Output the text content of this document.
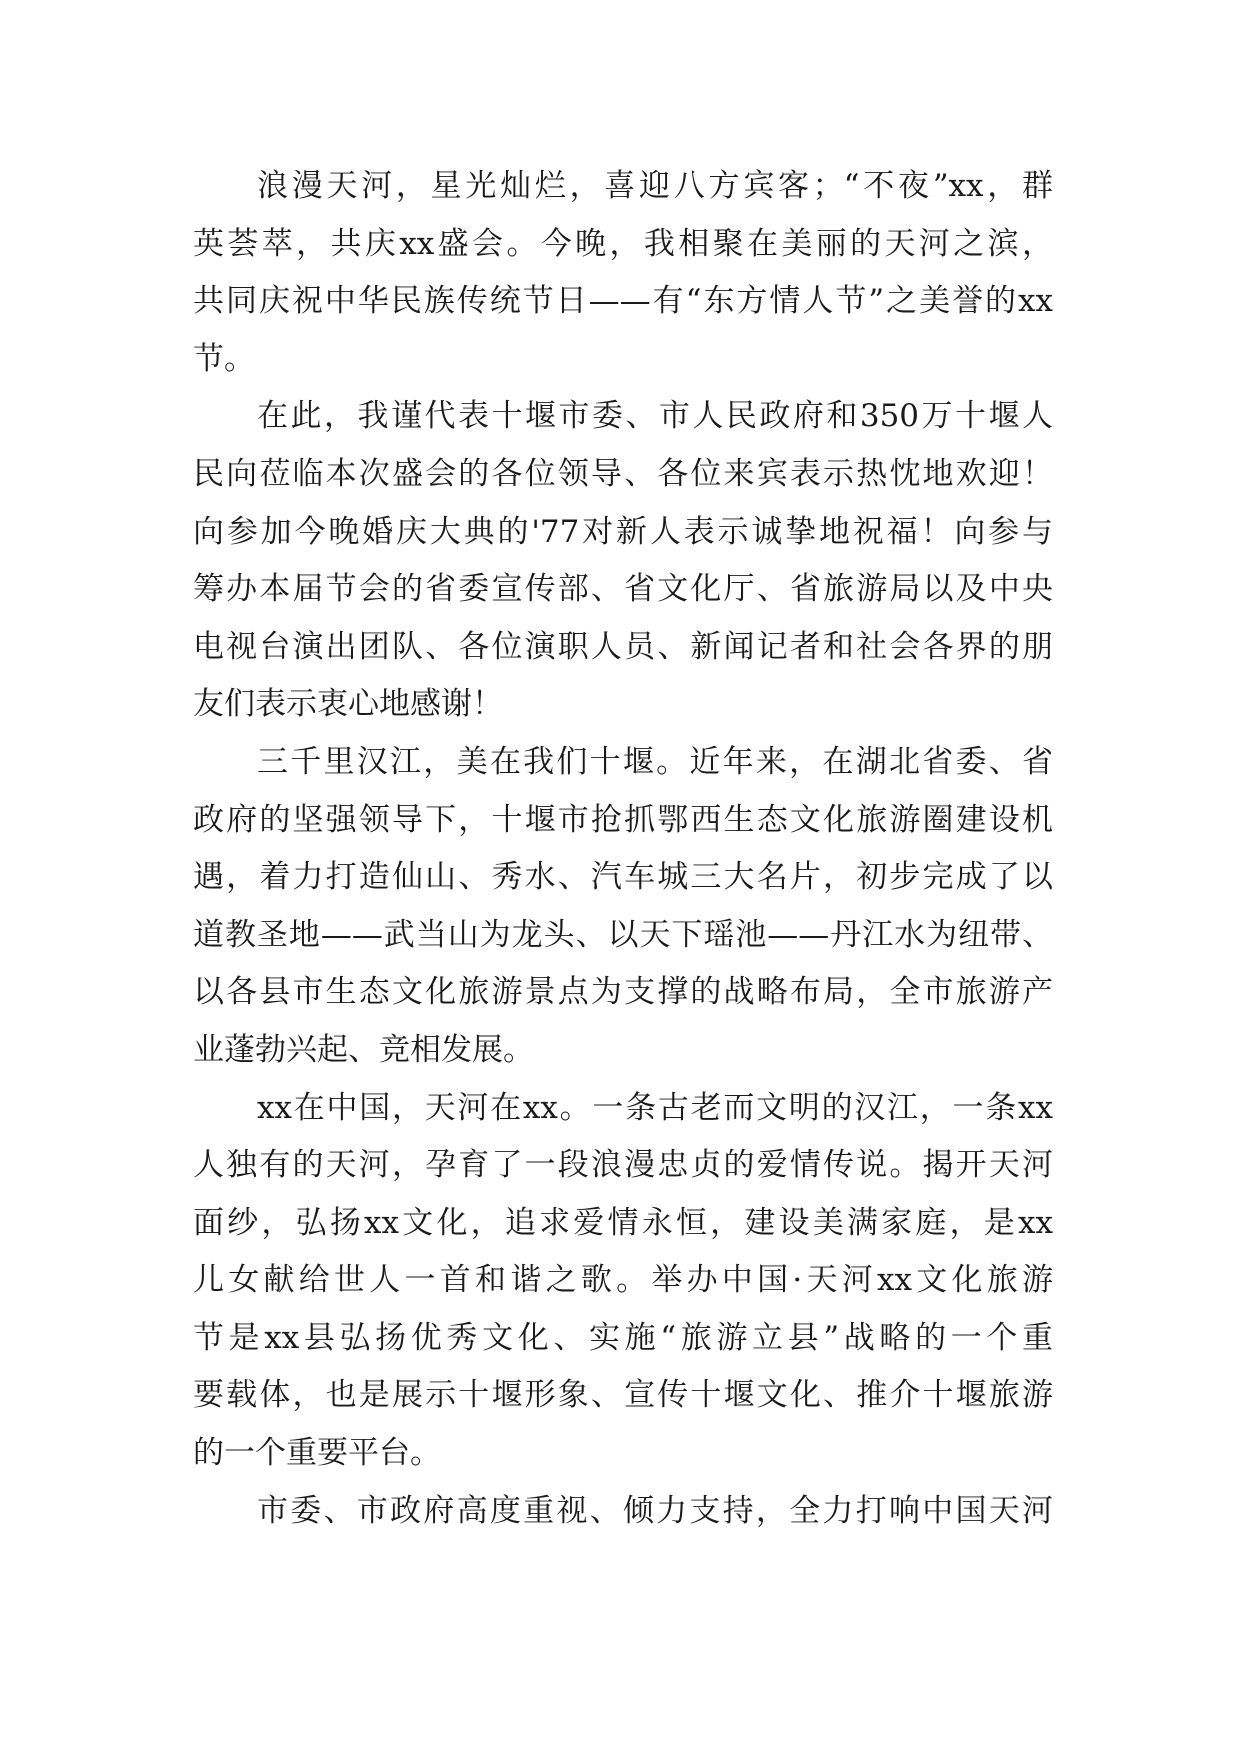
浪漫天河，星光灿烂，喜迎八方宾客；“不夜”xx，群
英荟萃，共庆xx盛会。今晚，我相聚在美丽的天河之滨，
共同庆祝中华民族传统节日——有“东方情人节”之美誉的xx
节。
在此，我谨代表十堰市委、市人民政府和350万十堰人
民向莅临本次盛会的各位领导、各位来宾表示热忱地欢迎！
向参加今晚婚庆大典的'77对新人表示诚挚地祝福！向参与
筹办本届节会的省委宣传部、省文化厅、省旅游局以及中央
电视台演出团队、各位演职人员、新闻记者和社会各界的朋
友们表示衷心地感谢！
三千里汉江，美在我们十堰。近年来，在湖北省委、省
政府的坚强领导下，十堰市抢抓鄂西生态文化旅游圈建设机
遇，着力打造仙山、秀水、汽车城三大名片，初步完成了以
道教圣地——武当山为龙头、以天下瑶池——丹江水为纽带、
以各县市生态文化旅游景点为支撑的战略布局，全市旅游产
业蓬勃兴起、竞相发展。
xx在中国，天河在xx。一条古老而文明的汉江，一条xx
人独有的天河，孕育了一段浪漫忠贞的爱情传说。揭开天河
面纱，弘扬xx文化，追求爱情永恒，建设美满家庭，是xx
儿女献给世人一首和谐之歌。举办中国·天河xx文化旅游
节是xx县弘扬优秀文化、实施“旅游立县”战略的一个重
要载体，也是展示十堰形象、宣传十堰文化、推介十堰旅游
的一个重要平台。
市委、市政府高度重视、倾力支持，全力打响中国天河
